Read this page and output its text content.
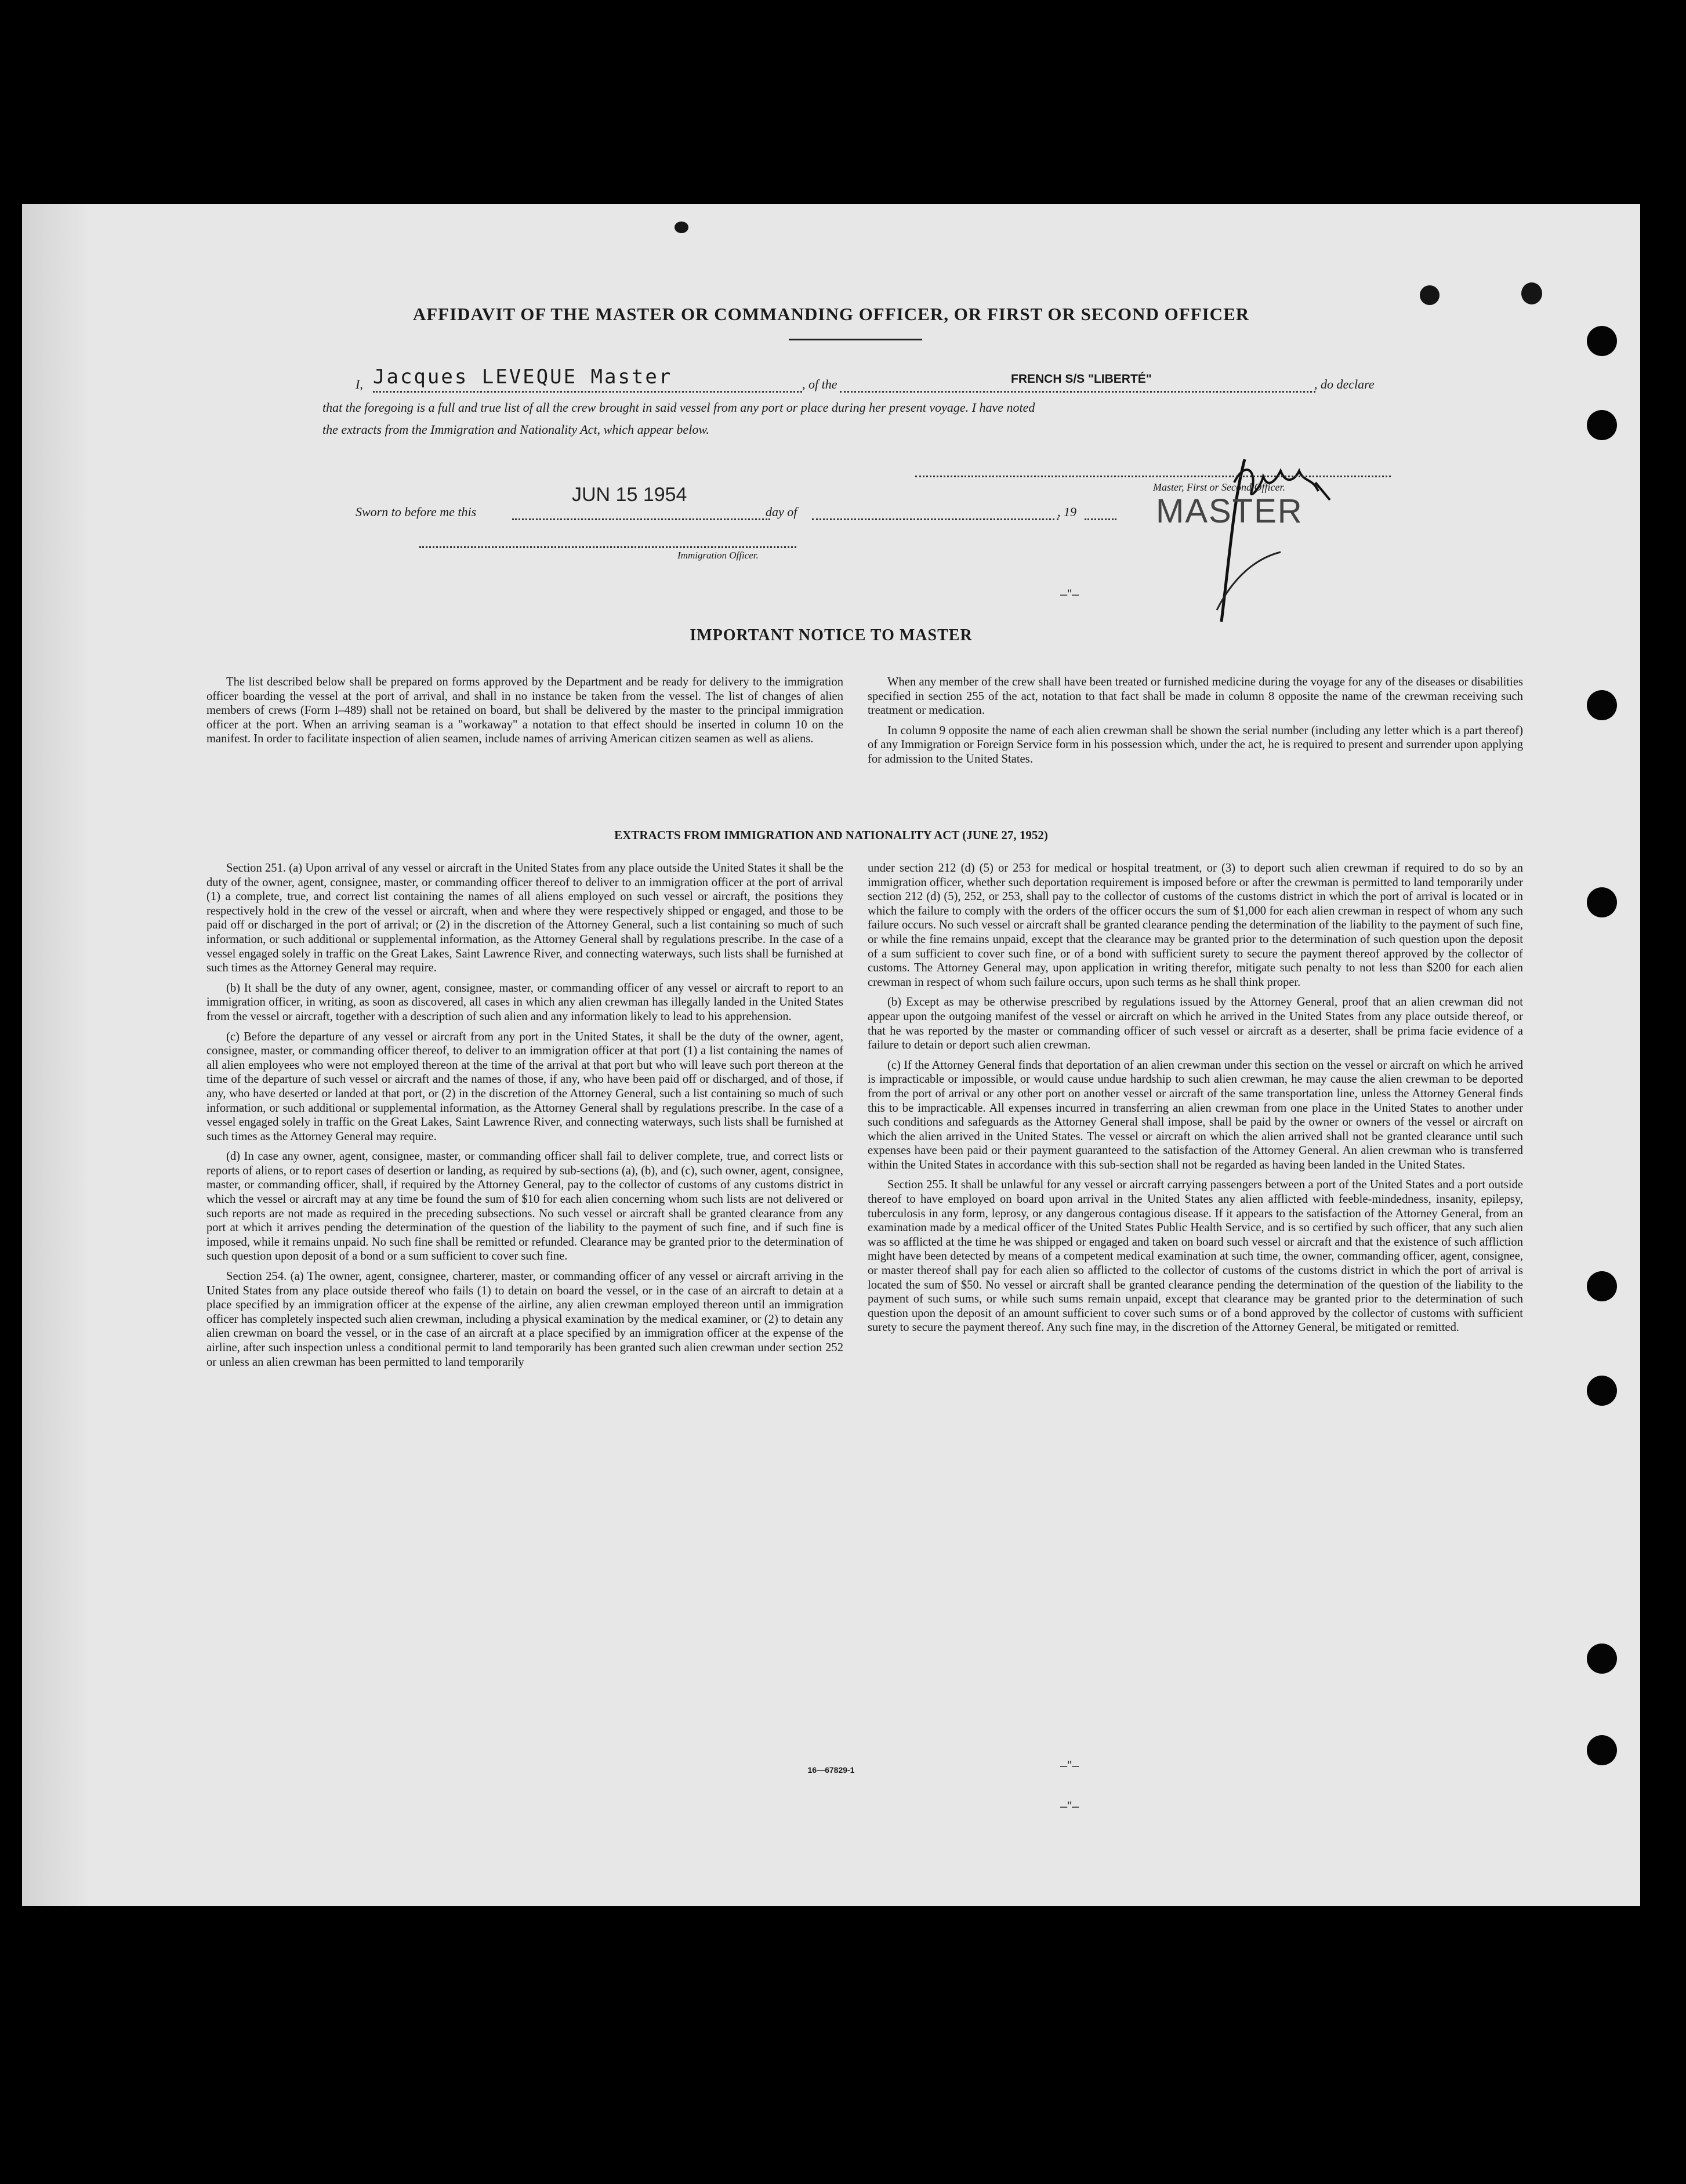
AFFIDAVIT OF THE MASTER OR COMMANDING OFFICER, OR FIRST OR SECOND OFFICER
I, Jacques LEVEQUE Master	, of the	FRENCH S/S "LIBERTÉ"	, do declare
that the foregoing is a full and true list of all the crew brought in said vessel from any port or place during her present voyage. I have noted
the extracts from the Immigration and Nationality Act, which appear below.
Master, First or Second Officer.
MASTER
Sworn to before me this
JUN 15 1954
day of	, 19
Immigration Officer.
–"–
–"–
–"–
IMPORTANT NOTICE TO MASTER

The list described below shall be prepared on forms approved by the Department and be ready for delivery to the immigration officer boarding the vessel at the port of arrival, and shall in no instance be taken from the vessel. The list of changes of alien members of crews (Form I–489) shall not be retained on board, but shall be delivered by the master to the principal immigration officer at the port. When an arriving seaman is a "workaway" a notation to that effect should be inserted in column 10 on the manifest. In order to facilitate inspection of alien seamen, include names of arriving American citizen seamen as well as aliens.

When any member of the crew shall have been treated or furnished medicine during the voyage for any of the diseases or disabilities specified in section 255 of the act, notation to that fact shall be made in column 8 opposite the name of the crewman receiving such treatment or medication.

In column 9 opposite the name of each alien crewman shall be shown the serial number (including any letter which is a part thereof) of any Immigration or Foreign Service form in his possession which, under the act, he is required to present and surrender upon applying for admission to the United States.

EXTRACTS FROM IMMIGRATION AND NATIONALITY ACT (JUNE 27, 1952)

Section 251. (a) Upon arrival of any vessel or aircraft in the United States from any place outside the United States it shall be the duty of the owner, agent, consignee, master, or commanding officer thereof to deliver to an immigration officer at the port of arrival (1) a complete, true, and correct list containing the names of all aliens employed on such vessel or aircraft, the positions they respectively hold in the crew of the vessel or aircraft, when and where they were respectively shipped or engaged, and those to be paid off or discharged in the port of arrival; or (2) in the discretion of the Attorney General, such a list containing so much of such information, or such additional or supplemental information, as the Attorney General shall by regulations prescribe. In the case of a vessel engaged solely in traffic on the Great Lakes, Saint Lawrence River, and connecting waterways, such lists shall be furnished at such times as the Attorney General may require.

(b) It shall be the duty of any owner, agent, consignee, master, or commanding officer of any vessel or aircraft to report to an immigration officer, in writing, as soon as discovered, all cases in which any alien crewman has illegally landed in the United States from the vessel or aircraft, together with a description of such alien and any information likely to lead to his apprehension.

(c) Before the departure of any vessel or aircraft from any port in the United States, it shall be the duty of the owner, agent, consignee, master, or commanding officer thereof, to deliver to an immigration officer at that port (1) a list containing the names of all alien employees who were not employed thereon at the time of the arrival at that port but who will leave such port thereon at the time of the departure of such vessel or aircraft and the names of those, if any, who have been paid off or discharged, and of those, if any, who have deserted or landed at that port, or (2) in the discretion of the Attorney General, such a list containing so much of such information, or such additional or supplemental information, as the Attorney General shall by regulations prescribe. In the case of a vessel engaged solely in traffic on the Great Lakes, Saint Lawrence River, and connecting waterways, such lists shall be furnished at such times as the Attorney General may require.

(d) In case any owner, agent, consignee, master, or commanding officer shall fail to deliver complete, true, and correct lists or reports of aliens, or to report cases of desertion or landing, as required by sub-sections (a), (b), and (c), such owner, agent, consignee, master, or commanding officer, shall, if required by the Attorney General, pay to the collector of customs of any customs district in which the vessel or aircraft may at any time be found the sum of $10 for each alien concerning whom such lists are not delivered or such reports are not made as required in the preceding subsections. No such vessel or aircraft shall be granted clearance from any port at which it arrives pending the determination of the question of the liability to the payment of such fine, and if such fine is imposed, while it remains unpaid. No such fine shall be remitted or refunded. Clearance may be granted prior to the determination of such question upon deposit of a bond or a sum sufficient to cover such fine.

Section 254. (a) The owner, agent, consignee, charterer, master, or commanding officer of any vessel or aircraft arriving in the United States from any place outside thereof who fails (1) to detain on board the vessel, or in the case of an aircraft to detain at a place specified by an immigration officer at the expense of the airline, any alien crewman employed thereon until an immigration officer has completely inspected such alien crewman, including a physical examination by the medical examiner, or (2) to detain any alien crewman on board the vessel, or in the case of an aircraft at a place specified by an immigration officer at the expense of the airline, after such inspection unless a conditional permit to land temporarily has been granted such alien crewman under section 252 or unless an alien crewman has been permitted to land temporarily

under section 212 (d) (5) or 253 for medical or hospital treatment, or (3) to deport such alien crewman if required to do so by an immigration officer, whether such deportation requirement is imposed before or after the crewman is permitted to land temporarily under section 212 (d) (5), 252, or 253, shall pay to the collector of customs of the customs district in which the port of arrival is located or in which the failure to comply with the orders of the officer occurs the sum of $1,000 for each alien crewman in respect of whom any such failure occurs. No such vessel or aircraft shall be granted clearance pending the determination of the liability to the payment of such fine, or while the fine remains unpaid, except that the clearance may be granted prior to the determination of such question upon the deposit of a sum sufficient to cover such fine, or of a bond with sufficient surety to secure the payment thereof approved by the collector of customs. The Attorney General may, upon application in writing therefor, mitigate such penalty to not less than $200 for each alien crewman in respect of whom such failure occurs, upon such terms as he shall think proper.

(b) Except as may be otherwise prescribed by regulations issued by the Attorney General, proof that an alien crewman did not appear upon the outgoing manifest of the vessel or aircraft on which he arrived in the United States from any place outside thereof, or that he was reported by the master or commanding officer of such vessel or aircraft as a deserter, shall be prima facie evidence of a failure to detain or deport such alien crewman.

(c) If the Attorney General finds that deportation of an alien crewman under this section on the vessel or aircraft on which he arrived is impracticable or impossible, or would cause undue hardship to such alien crewman, he may cause the alien crewman to be deported from the port of arrival or any other port on another vessel or aircraft of the same transportation line, unless the Attorney General finds this to be impracticable. All expenses incurred in transferring an alien crewman from one place in the United States to another under such conditions and safeguards as the Attorney General shall impose, shall be paid by the owner or owners of the vessel or aircraft on which the alien arrived in the United States. The vessel or aircraft on which the alien arrived shall not be granted clearance until such expenses have been paid or their payment guaranteed to the satisfaction of the Attorney General. An alien crewman who is transferred within the United States in accordance with this sub-section shall not be regarded as having been landed in the United States.

Section 255. It shall be unlawful for any vessel or aircraft carrying passengers between a port of the United States and a port outside thereof to have employed on board upon arrival in the United States any alien afflicted with feeble-mindedness, insanity, epilepsy, tuberculosis in any form, leprosy, or any dangerous contagious disease. If it appears to the satisfaction of the Attorney General, from an examination made by a medical officer of the United States Public Health Service, and is so certified by such officer, that any such alien was so afflicted at the time he was shipped or engaged and taken on board such vessel or aircraft and that the existence of such affliction might have been detected by means of a competent medical examination at such time, the owner, commanding officer, agent, consignee, or master thereof shall pay for each alien so afflicted to the collector of customs of the customs district in which the port of arrival is located the sum of $50. No vessel or aircraft shall be granted clearance pending the determination of the question of the liability to the payment of such sums, or while such sums remain unpaid, except that clearance may be granted prior to the determination of such question upon the deposit of an amount sufficient to cover such sums or of a bond approved by the collector of customs with sufficient surety to secure the payment thereof. Any such fine may, in the discretion of the Attorney General, be mitigated or remitted.

16—67829-1
